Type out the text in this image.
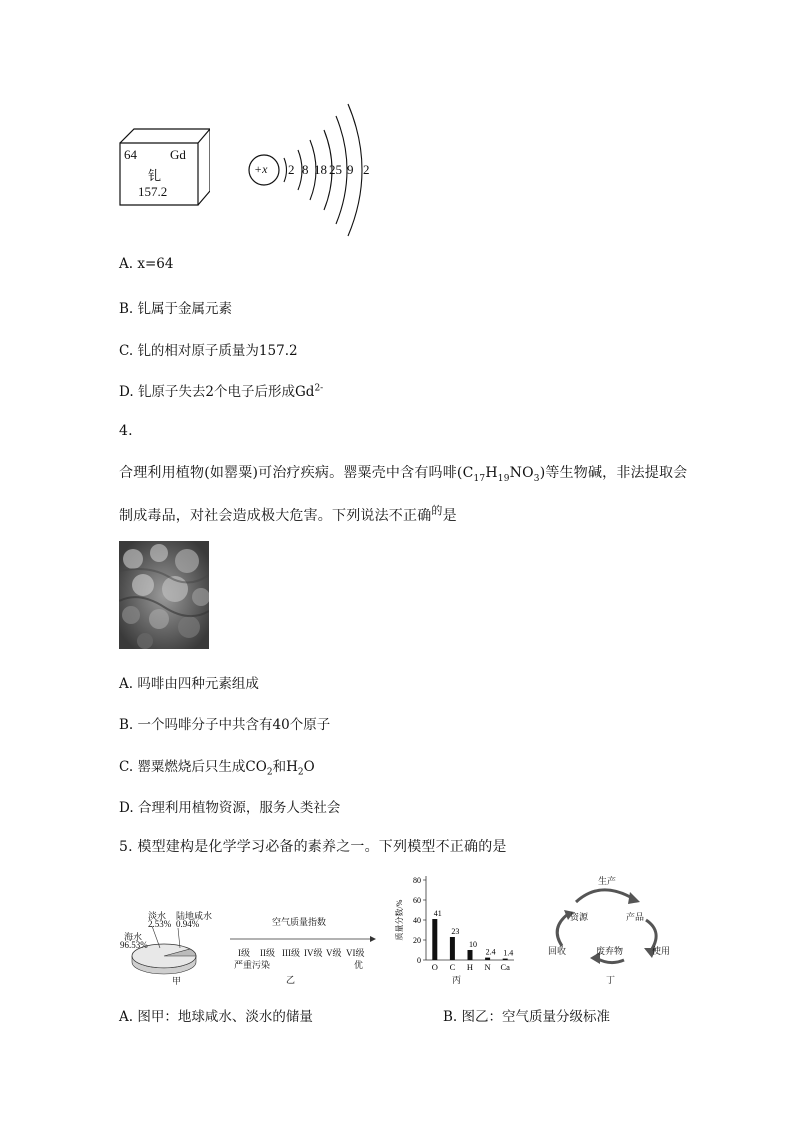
64	Gd
钆
157.2
+x 2 8 18 25 9 2
A. x=64
B. 钆属于金属元素
C. 钆的相对原子质量为157.2
D. 钆原子失去2个电子后形成$Gd^{2-}$
4.
合理利用植物(如罂粟)可治疗疾病。罂粟壳中含有吗啡$(C_{17}H_{19}NO_3)$等生物碱，非法提取会
制成毒品，对社会造成极大危害。下列说法不正确$^的$是
A. 吗啡由四种元素组成
B. 一个吗啡分子中共含有40个原子
C. 罂粟燃烧后只生成$CO_2$和$H_2O$
D. 合理利用植物资源，服务人类社会
5. 模型建构是化学学习必备的素养之一。下列模型不正确的是
淡水
2.53%
陆地咸水
0.94%
海水
96.53%
甲
空气质量指数
I级 II级 III级 IV级 V级 VI级
严重污染	优
乙
质量分数/%
80
60
40
20
0
41
O
23
C
10
H
2.4
N
1.4
Ca
丙
生产
资源	产品
废弃物
回收	使用
丁
A. 图甲：地球咸水、淡水的储量	B. 图乙：空气质量分级标准
